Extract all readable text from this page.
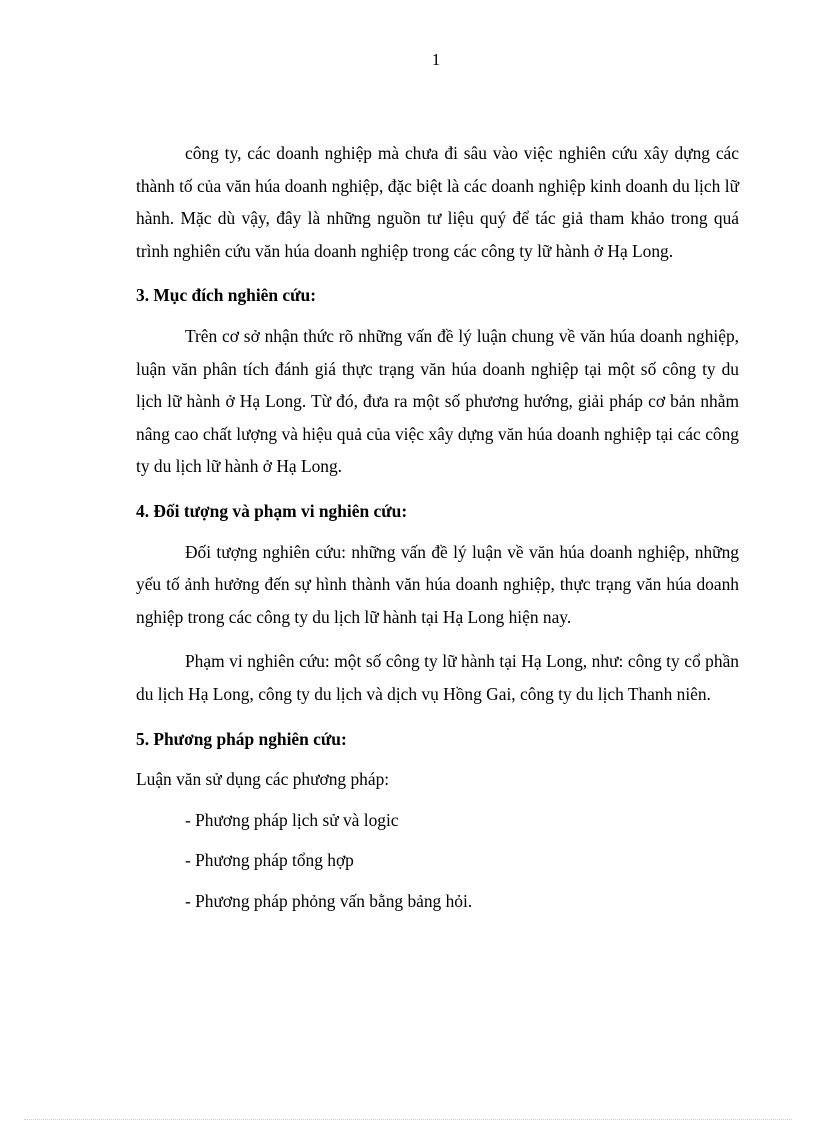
1

công ty, các doanh nghiệp mà chưa đi sâu vào việc nghiên cứu xây dựng các thành tố của văn húa doanh nghiệp, đặc biệt là các doanh nghiệp kinh doanh du lịch lữ hành. Mặc dù vậy, đây là những nguồn tư liệu quý để tác giả tham khảo trong quá trình nghiên cứu văn húa doanh nghiệp trong các công ty lữ hành ở Hạ Long.

3. Mục đích nghiên cứu:

Trên cơ sở nhận thức rõ những vấn đề lý luận chung về văn húa doanh nghiệp, luận văn phân tích đánh giá thực trạng văn húa doanh nghiệp tại một số công ty du lịch lữ hành ở Hạ Long. Từ đó, đưa ra một số phương hướng, giải pháp cơ bản nhằm nâng cao chất lượng và hiệu quả của việc xây dựng văn húa doanh nghiệp tại các công ty du lịch lữ hành ở Hạ Long.

4. Đối tượng và phạm vi nghiên cứu:

Đối tượng nghiên cứu: những vấn đề lý luận về văn húa doanh nghiệp, những yếu tố ảnh hưởng đến sự hình thành văn húa doanh nghiệp, thực trạng văn húa doanh nghiệp trong các công ty du lịch lữ hành tại Hạ Long hiện nay.

Phạm vi nghiên cứu: một số công ty lữ hành tại Hạ Long, như: công ty cổ phần du lịch Hạ Long, công ty du lịch và dịch vụ Hồng Gai, công ty du lịch Thanh niên.

5. Phương pháp nghiên cứu:
Luận văn sử dụng các phương pháp:
- Phương pháp lịch sử và logic
- Phương pháp tổng hợp
- Phương pháp phỏng vấn bằng bảng hỏi.
